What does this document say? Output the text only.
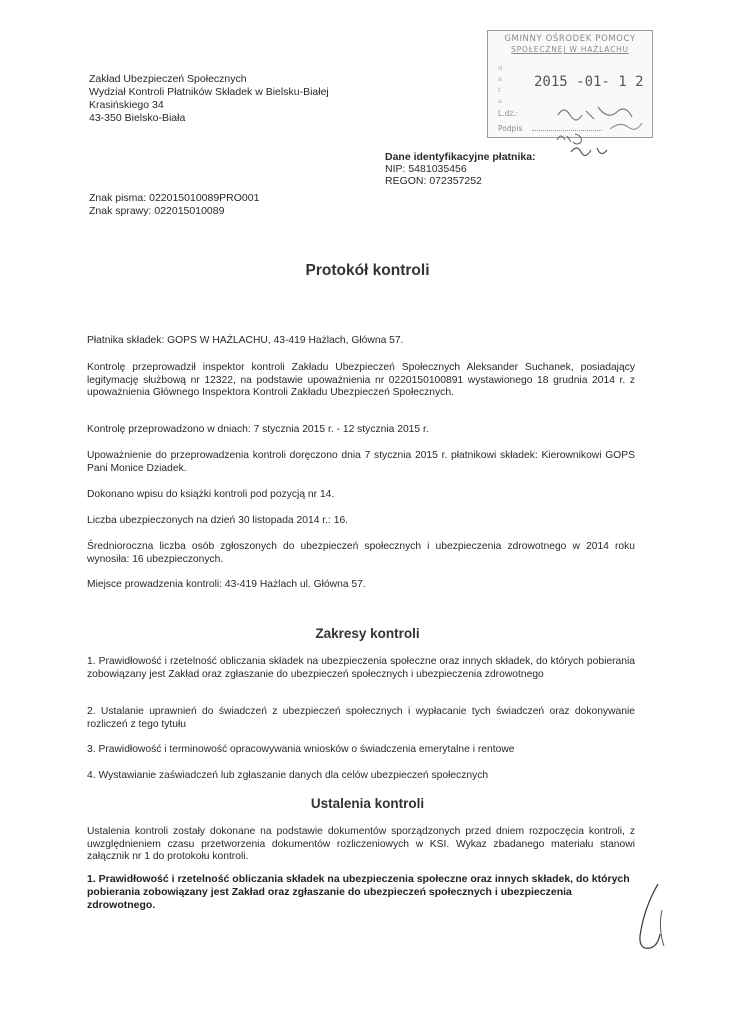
Zakład Ubezpieczeń Społecznych
Wydział Kontroli Płatników Składek w Bielsku-Białej
Krasińskiego 34
43-350 Bielsko-Biała
GMINNY OŚRODEK POMOCY
SPOŁECZNEJ W HAŻLACHU
d
a
t
a
2015 -01- 1 2
L.dz.:
Podpis
Dane identyfikacyjne płatnika:
NIP: 5481035456
REGON: 072357252
Znak pisma: 022015010089PRO001
Znak sprawy: 022015010089
Protokół kontroli
Płatnika składek: GOPS W HAŻLACHU, 43-419 Hażlach, Główna 57.
Kontrolę przeprowadził inspektor kontroli Zakładu Ubezpieczeń Społecznych Aleksander Suchanek, posiadający legitymację służbową nr 12322, na podstawie upoważnienia nr 0220150100891 wystawionego 18 grudnia 2014 r. z upoważnienia Głównego Inspektora Kontroli Zakładu Ubezpieczeń Społecznych.
Kontrolę przeprowadzono w dniach: 7 stycznia 2015 r. - 12 stycznia 2015 r.
Upoważnienie do przeprowadzenia kontroli doręczono dnia 7 stycznia 2015 r. płatnikowi składek: Kierownikowi GOPS Pani Monice Dziadek.
Dokonano wpisu do książki kontroli pod pozycją nr 14.
Liczba ubezpieczonych na dzień 30 listopada 2014 r.: 16.
Średnioroczna liczba osób zgłoszonych do ubezpieczeń społecznych i ubezpieczenia zdrowotnego w 2014 roku wynosiła: 16 ubezpieczonych.
Miejsce prowadzenia kontroli: 43-419 Hażlach ul. Główna 57.
Zakresy kontroli
1. Prawidłowość i rzetelność obliczania składek na ubezpieczenia społeczne oraz innych składek, do których pobierania zobowiązany jest Zakład oraz zgłaszanie do ubezpieczeń społecznych i ubezpieczenia zdrowotnego
2. Ustalanie uprawnień do świadczeń z ubezpieczeń społecznych i wypłacanie tych świadczeń oraz dokonywanie rozliczeń z tego tytułu
3. Prawidłowość i terminowość opracowywania wniosków o świadczenia emerytalne i rentowe
4. Wystawianie zaświadczeń lub zgłaszanie danych dla celów ubezpieczeń społecznych
Ustalenia kontroli
Ustalenia kontroli zostały dokonane na podstawie dokumentów sporządzonych przed dniem rozpoczęcia kontroli, z uwzględnieniem czasu przetworzenia dokumentów rozliczeniowych w KSI. Wykaz zbadanego materiału stanowi załącznik nr 1 do protokołu kontroli.
1. Prawidłowość i rzetelność obliczania składek na ubezpieczenia społeczne oraz innych składek, do których pobierania zobowiązany jest Zakład oraz zgłaszanie do ubezpieczeń społecznych i ubezpieczenia zdrowotnego.
